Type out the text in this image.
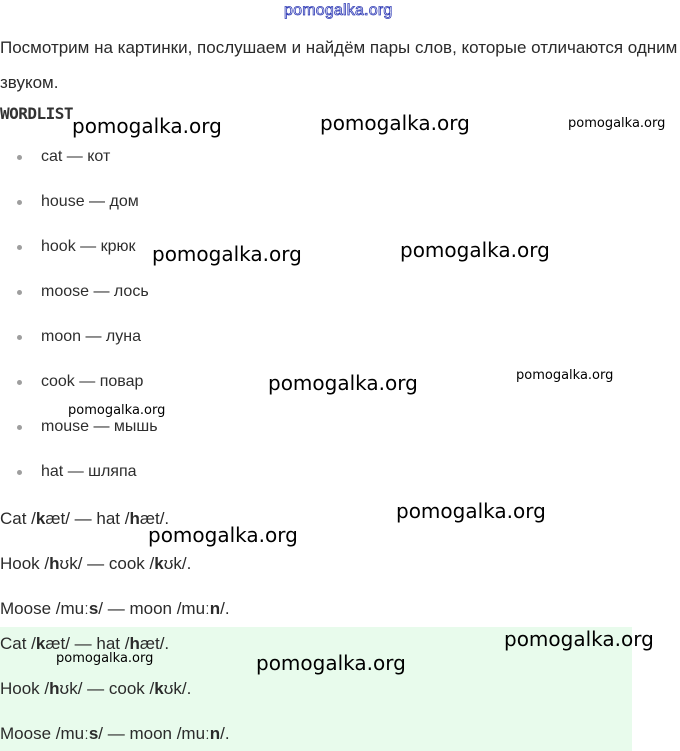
pomogalka.org
Посмотрим на картинки, послушаем и найдём пары слов, которые отличаются одним звуком.
WORDLIST
cat — кот
house — дом
hook — крюк
moose — лось
moon — луна
cook — повар
mouse — мышь
hat — шляпа
Cat /kæt/ — hat /hæt/.
Hook /hʊk/ — cook /kʊk/.
Moose /muːs/ — moon /muːn/.
Cat /kæt/ — hat /hæt/.
Hook /hʊk/ — cook /kʊk/.
Moose /muːs/ — moon /muːn/.
pomogalka.org	pomogalka.org	pomogalka.org
pomogalka.org	pomogalka.org
pomogalka.org	pomogalka.org
pomogalka.org
pomogalka.org
pomogalka.org
pomogalka.org
pomogalka.org	pomogalka.org
